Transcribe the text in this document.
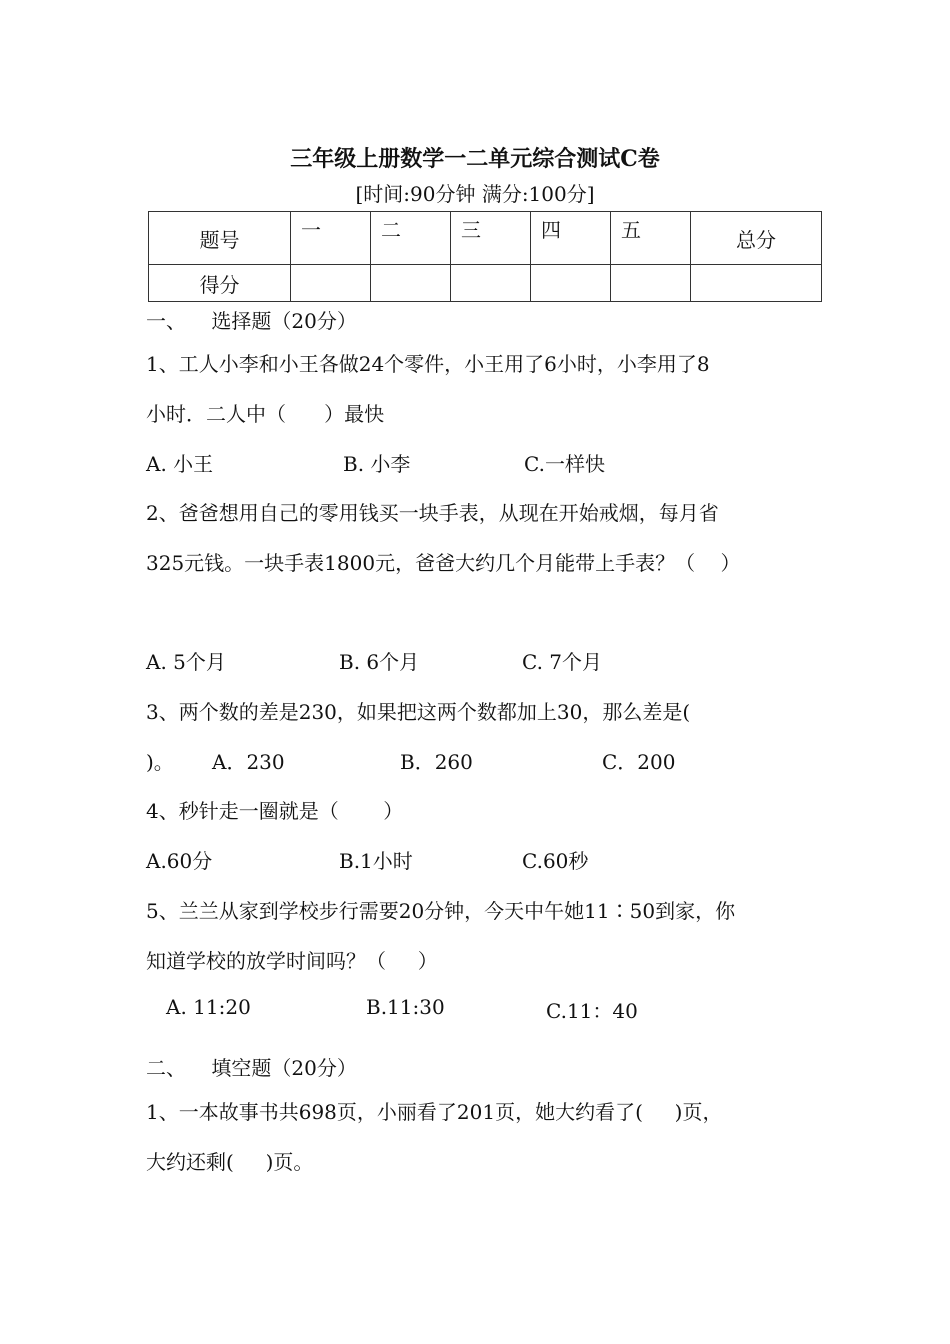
三年级上册数学一二单元综合测试C卷
[时间:90分钟 满分:100分]
题号	一	二	三	四	五	总分
得分						
一、    选择题（20分）
1、工人小李和小王各做24个零件，小王用了6小时，小李用了8
小时．二人中（      ）最快
A. 小王	B. 小李	C.一样快
2、爸爸想用自己的零用钱买一块手表，从现在开始戒烟，每月省
325元钱。一块手表1800元，爸爸大约几个月能带上手表？（    ）
A. 5个月	B. 6个月	C. 7个月
3、两个数的差是230，如果把这两个数都加上30，那么差是(
)。 A．230	B．260	C．200
4、秒针走一圈就是（       ）
A.60分	B.1小时	C.60秒
5、兰兰从家到学校步行需要20分钟，今天中午她11∶50到家，你
知道学校的放学时间吗？（     ）
A. 11:20	B.11:30	C.11：40
二、    填空题（20分）
1、一本故事书共698页，小丽看了201页，她大约看了(     )页，
大约还剩(     )页。
